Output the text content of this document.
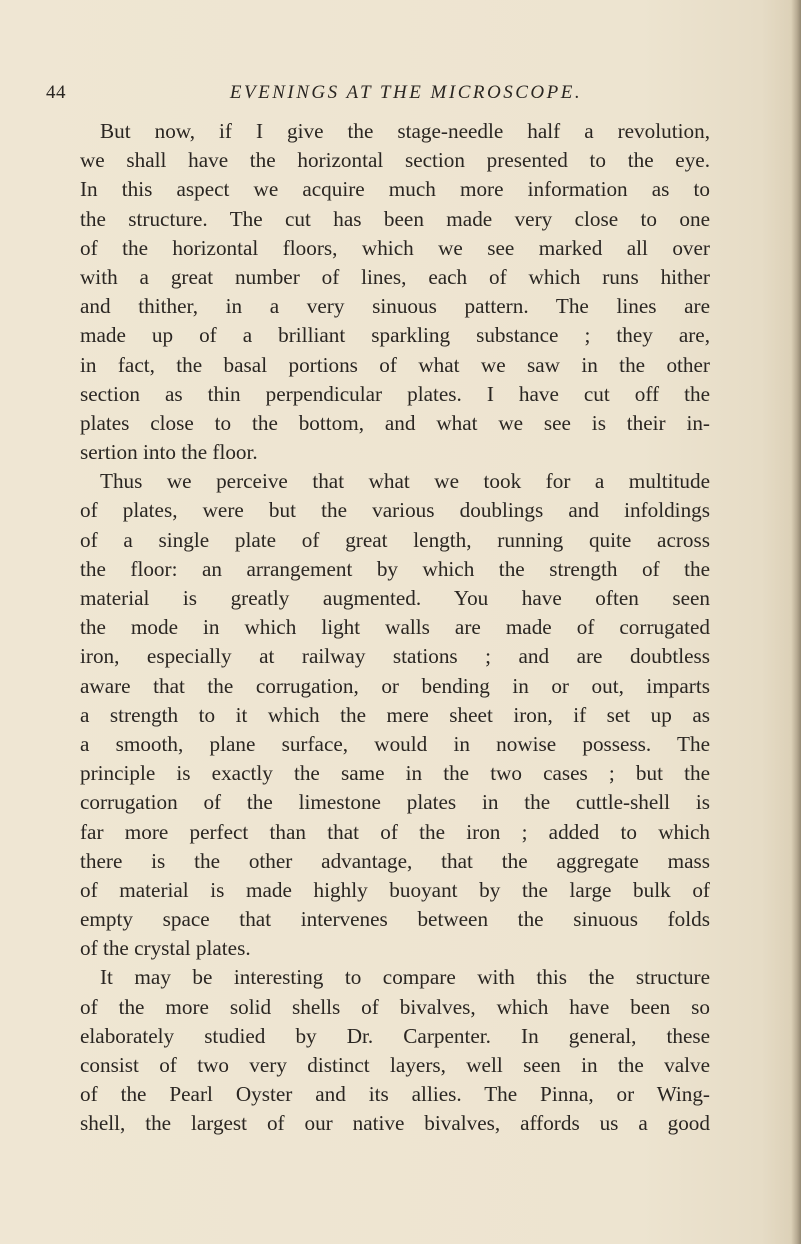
44	EVENINGS AT THE MICROSCOPE.
But now, if I give the stage-needle half a revolution,
we shall have the horizontal section presented to the eye.
In this aspect we acquire much more information as to
the structure. The cut has been made very close to one
of the horizontal floors, which we see marked all over
with a great number of lines, each of which runs hither
and thither, in a very sinuous pattern. The lines are
made up of a brilliant sparkling substance ; they are,
in fact, the basal portions of what we saw in the other
section as thin perpendicular plates. I have cut off the
plates close to the bottom, and what we see is their in-
sertion into the floor.
Thus we perceive that what we took for a multitude
of plates, were but the various doublings and infoldings
of a single plate of great length, running quite across
the floor: an arrangement by which the strength of the
material is greatly augmented. You have often seen
the mode in which light walls are made of corrugated
iron, especially at railway stations ; and are doubtless
aware that the corrugation, or bending in or out, imparts
a strength to it which the mere sheet iron, if set up as
a smooth, plane surface, would in nowise possess. The
principle is exactly the same in the two cases ; but the
corrugation of the limestone plates in the cuttle-shell is
far more perfect than that of the iron ; added to which
there is the other advantage, that the aggregate mass
of material is made highly buoyant by the large bulk of
empty space that intervenes between the sinuous folds
of the crystal plates.
It may be interesting to compare with this the structure
of the more solid shells of bivalves, which have been so
elaborately studied by Dr. Carpenter. In general, these
consist of two very distinct layers, well seen in the valve
of the Pearl Oyster and its allies. The Pinna, or Wing-
shell, the largest of our native bivalves, affords us a good
